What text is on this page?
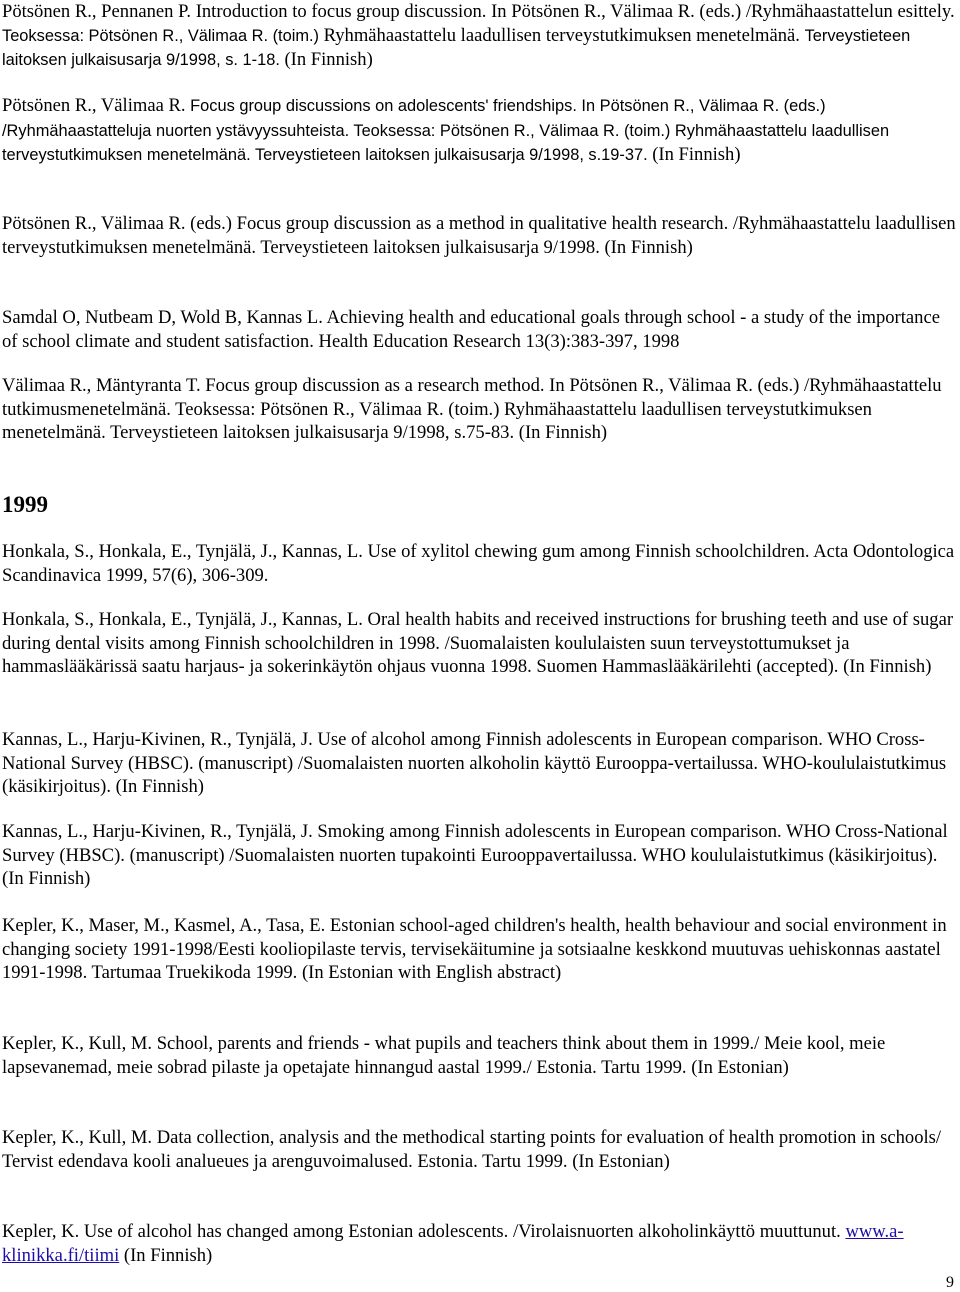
Pötsönen R., Pennanen P. Introduction to focus group discussion. In Pötsönen R., Välimaa R. (eds.) /Ryhmähaastattelun esittely. Teoksessa: Pötsönen R., Välimaa R. (toim.) Ryhmähaastattelu laadullisen terveystutkimuksen menetelmänä. Terveystieteen laitoksen julkaisusarja 9/1998, s. 1-18. (In Finnish)

Pötsönen R., Välimaa R. Focus group discussions on adolescents' friendships. In Pötsönen R., Välimaa R. (eds.) /Ryhmähaastatteluja nuorten ystävyyssuhteista. Teoksessa: Pötsönen R., Välimaa R. (toim.) Ryhmähaastattelu laadullisen terveystutkimuksen menetelmänä. Terveystieteen laitoksen julkaisusarja 9/1998, s.19-37. (In Finnish)

Pötsönen R., Välimaa R. (eds.) Focus group discussion as a method in qualitative health research. /Ryhmähaastattelu laadullisen terveystutkimuksen menetelmänä. Terveystieteen laitoksen julkaisusarja 9/1998. (In Finnish)

Samdal O, Nutbeam D, Wold B, Kannas L. Achieving health and educational goals through school - a study of the importance of school climate and student satisfaction. Health Education Research 13(3):383-397, 1998

Välimaa R., Mäntyranta T. Focus group discussion as a research method. In Pötsönen R., Välimaa R. (eds.) /Ryhmähaastattelu tutkimusmenetelmänä. Teoksessa: Pötsönen R., Välimaa R. (toim.) Ryhmähaastattelu laadullisen terveystutkimuksen menetelmänä. Terveystieteen laitoksen julkaisusarja 9/1998, s.75-83. (In Finnish)

1999

Honkala, S., Honkala, E., Tynjälä, J., Kannas, L. Use of xylitol chewing gum among Finnish schoolchildren. Acta Odontologica Scandinavica 1999, 57(6), 306-309.

Honkala, S., Honkala, E., Tynjälä, J., Kannas, L. Oral health habits and received instructions for brushing teeth and use of sugar during dental visits among Finnish schoolchildren in 1998. /Suomalaisten koululaisten suun terveystottumukset ja hammaslääkärissä saatu harjaus- ja sokerinkäytön ohjaus vuonna 1998. Suomen Hammaslääkärilehti (accepted). (In Finnish)

Kannas, L., Harju-Kivinen, R., Tynjälä, J. Use of alcohol among Finnish adolescents in European comparison. WHO Cross-National Survey (HBSC). (manuscript) /Suomalaisten nuorten alkoholin käyttö Eurooppa-vertailussa. WHO-koululaistutkimus (käsikirjoitus). (In Finnish)

Kannas, L., Harju-Kivinen, R., Tynjälä, J. Smoking among Finnish adolescents in European comparison. WHO Cross-National Survey (HBSC). (manuscript) /Suomalaisten nuorten tupakointi Eurooppavertailussa. WHO koululaistutkimus (käsikirjoitus). (In Finnish)

Kepler, K., Maser, M., Kasmel, A., Tasa, E. Estonian school-aged children's health, health behaviour and social environment in changing society 1991-1998/Eesti kooliopilaste tervis, tervisekäitumine ja sotsiaalne keskkond muutuvas uehiskonnas aastatel 1991-1998. Tartumaa Truekikoda 1999. (In Estonian with English abstract)

Kepler, K., Kull, M. School, parents and friends - what pupils and teachers think about them in 1999./ Meie kool, meie lapsevanemad, meie sobrad pilaste ja opetajate hinnangud aastal 1999./ Estonia. Tartu 1999. (In Estonian)

Kepler, K., Kull, M. Data collection, analysis and the methodical starting points for evaluation of health promotion in schools/ Tervist edendava kooli analueues ja arenguvoimalused. Estonia. Tartu 1999. (In Estonian)

Kepler, K. Use of alcohol has changed among Estonian adolescents. /Virolaisnuorten alkoholinkäyttö muuttunut. www.a-klinikka.fi/tiimi (In Finnish)

9
